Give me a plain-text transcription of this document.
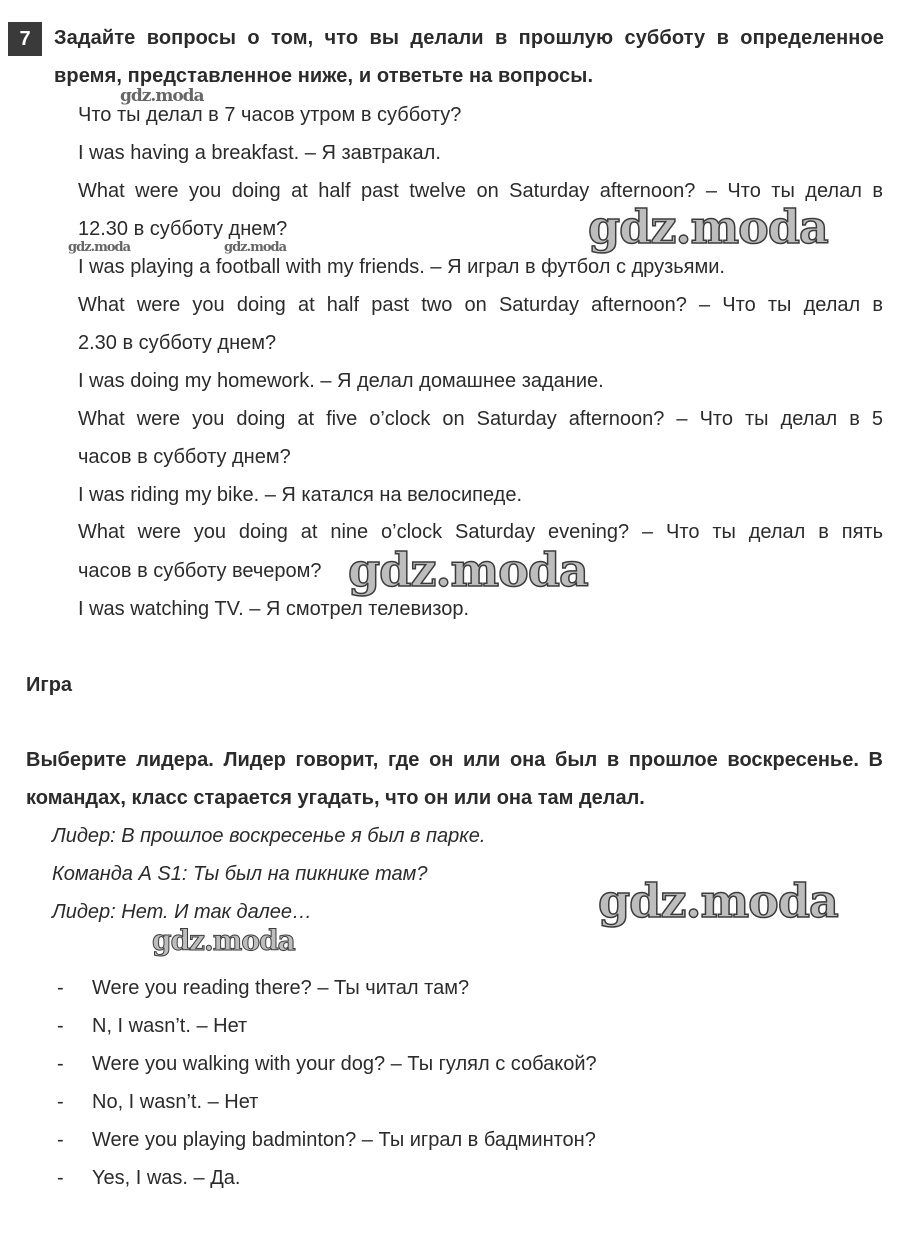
7	Задайте вопросы о том, что вы делали в прошлую субботу в определенное время, представленное ниже, и ответьте на вопросы.
Что ты делал в 7 часов утром в субботу?
I was having a breakfast. – Я завтракал.
What were you doing at half past twelve on Saturday afternoon? – Что ты делал в
12.30 в субботу днем?
I was playing a football with my friends. – Я играл в футбол с друзьями.
What were you doing at half past two on Saturday afternoon? – Что ты делал в
2.30 в субботу днем?
I was doing my homework. – Я делал домашнее задание.
What were you doing at five o’clock on Saturday afternoon? – Что ты делал в 5
часов в субботу днем?
I was riding my bike. – Я катался на велосипеде.
What were you doing at nine o’clock Saturday evening? – Что ты делал в пять
часов в субботу вечером?
I was watching TV. – Я смотрел телевизор.
Игра
Выберите лидера. Лидер говорит, где он или она был в прошлое воскресенье. В командах, класс старается угадать, что он или она там делал.
Лидер: В прошлое воскресенье я был в парке.
Команда А S1: Ты был на пикнике там?
Лидер: Нет. И так далее…
- Were you reading there? – Ты читал там?
- N, I wasn’t. – Нет
- Were you walking with your dog? – Ты гулял с собакой?
- No, I wasn’t. – Нет
- Were you playing badminton? – Ты играл в бадминтон?
- Yes, I was. – Да.
gdz.moda
gdz.moda	gdz.moda	gdz.moda
gdz.moda
gdz.moda
gdz.moda
